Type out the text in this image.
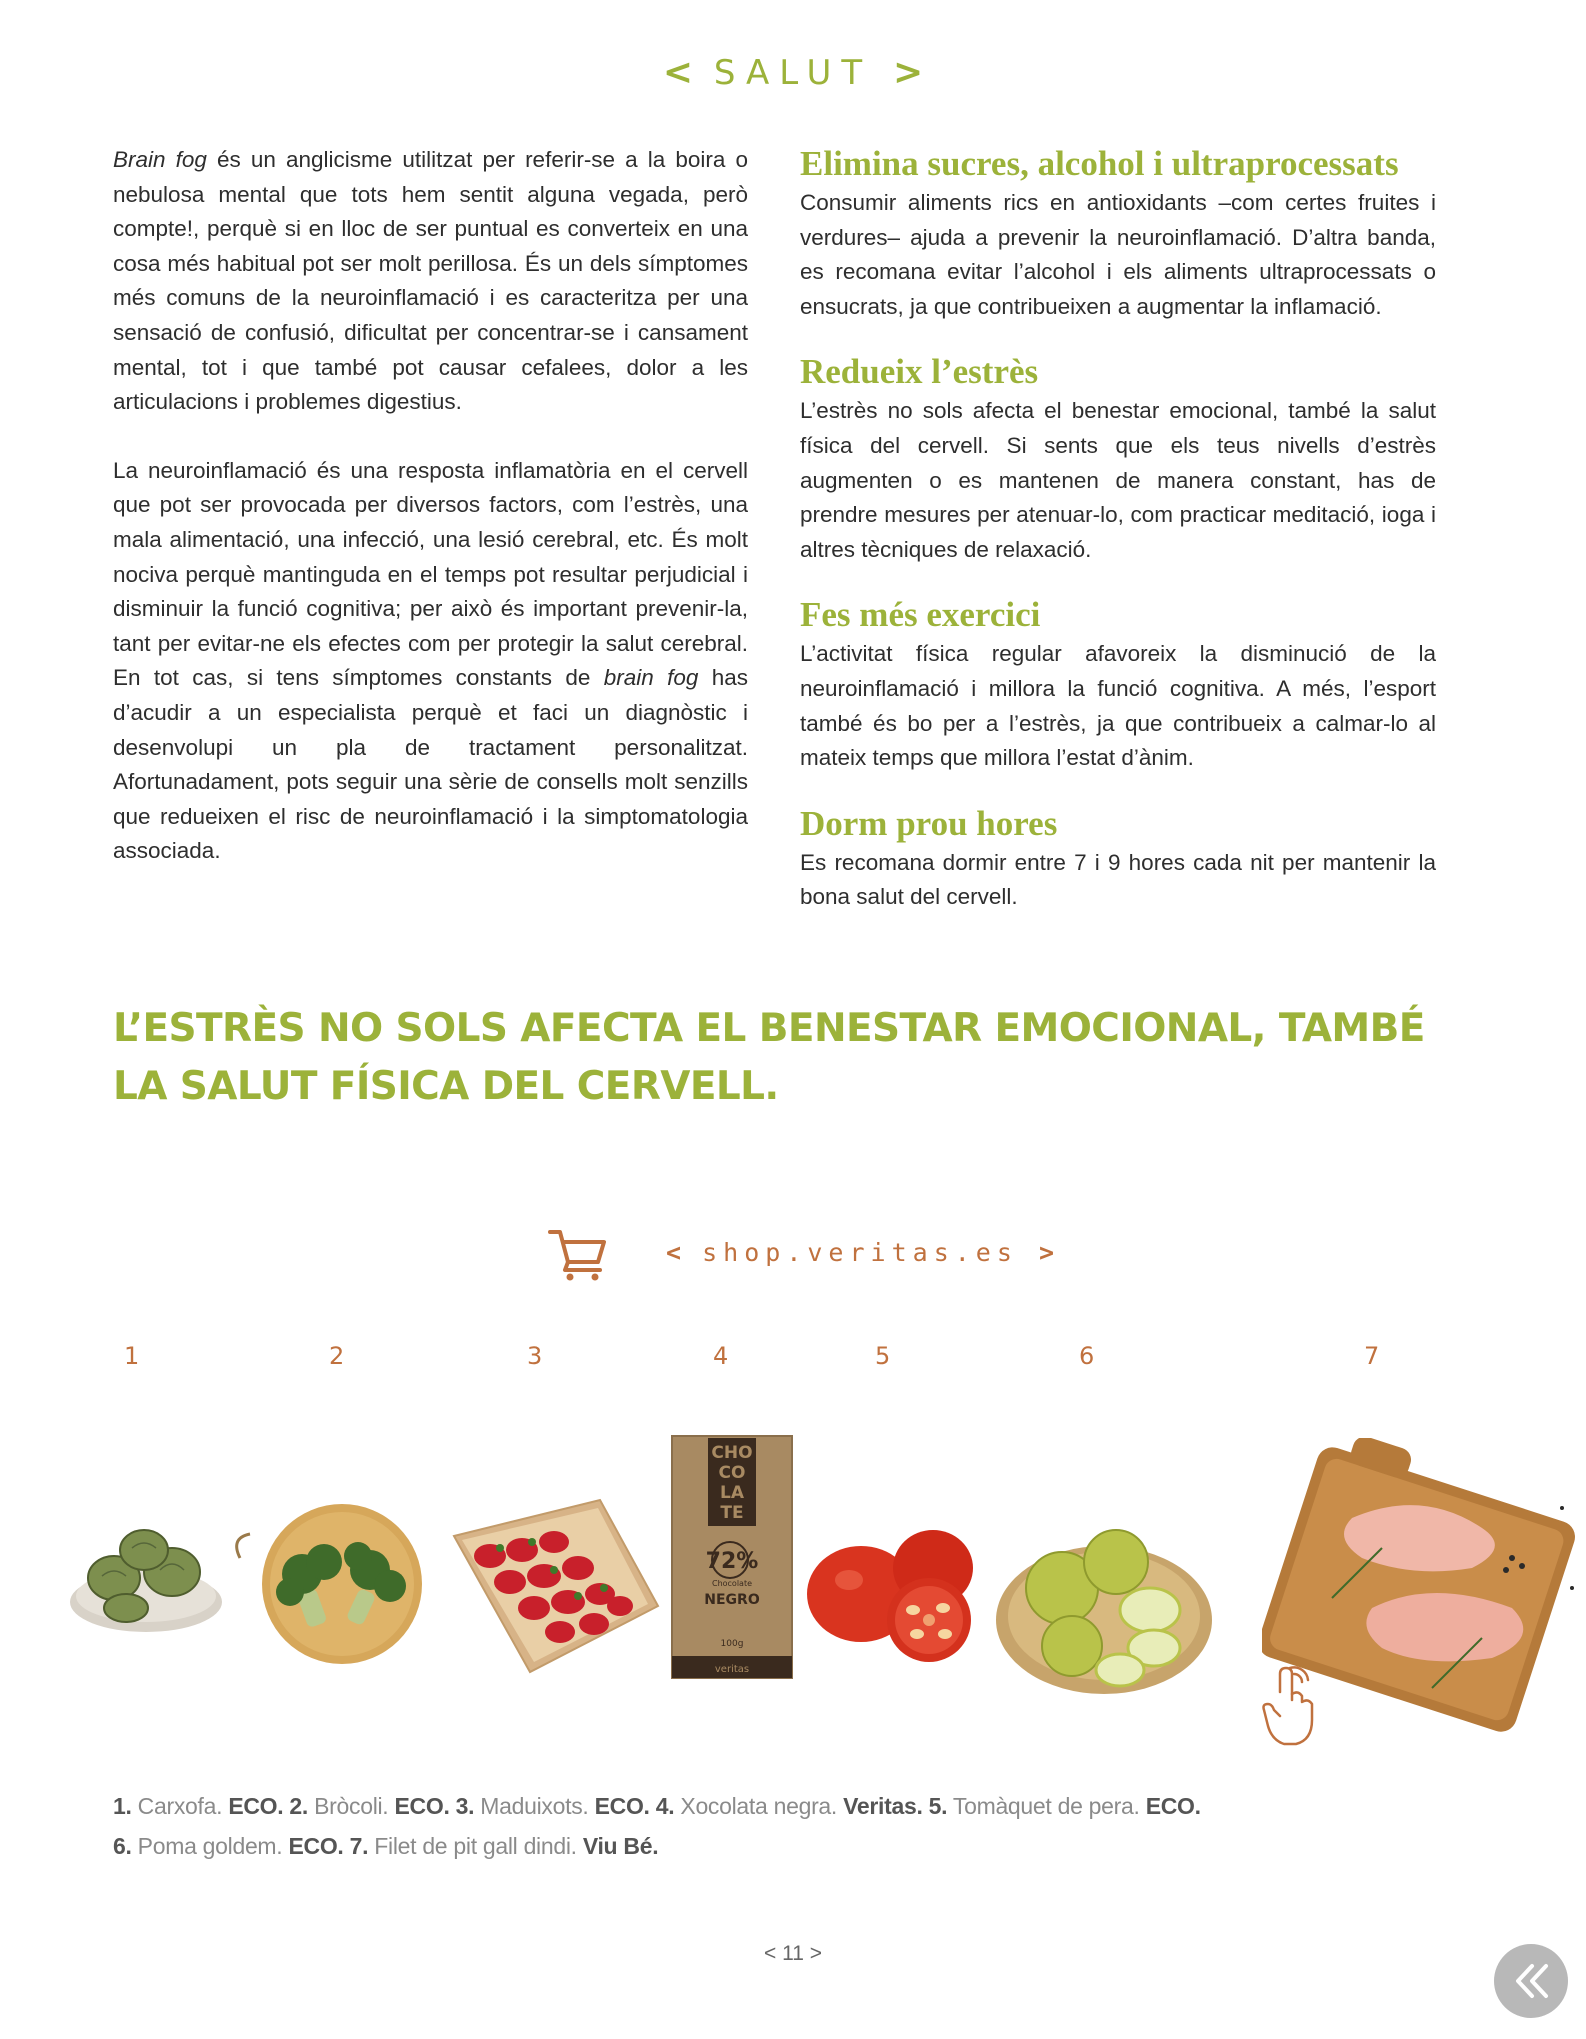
< SALUT >

Brain fog és un anglicisme utilitzat per referir-se a la boira o nebulosa mental que tots hem sentit alguna vegada, però compte!, perquè si en lloc de ser puntual es converteix en una cosa més habitual pot ser molt perillosa. És un dels símptomes més comuns de la neuroinflamació i es caracteritza per una sensació de confusió, dificultat per concentrar-se i cansament mental, tot i que també pot causar cefalees, dolor a les articulacions i problemes digestius.

La neuroinflamació és una resposta inflamatòria en el cervell que pot ser provocada per diversos factors, com l’estrès, una mala alimentació, una infecció, una lesió cerebral, etc. És molt nociva perquè mantinguda en el temps pot resultar perjudicial i disminuir la funció cognitiva; per això és important prevenir-la, tant per evitar-ne els efectes com per protegir la salut cerebral. En tot cas, si tens símptomes constants de brain fog has d’acudir a un especialista perquè et faci un diagnòstic i desenvolupi un pla de tractament personalitzat. Afortunadament, pots seguir una sèrie de consells molt senzills que redueixen el risc de neuroinflamació i la simptomatologia associada.

Elimina sucres, alcohol i ultraprocessats

Consumir aliments rics en antioxidants –com certes fruites i verdures– ajuda a prevenir la neuroinflamació. D’altra banda, es recomana evitar l’alcohol i els aliments ultraprocessats o ensucrats, ja que contribueixen a augmentar la inflamació.

Redueix l’estrès

L’estrès no sols afecta el benestar emocional, també la salut física del cervell. Si sents que els teus nivells d’estrès augmenten o es mantenen de manera constant, has de prendre mesures per atenuar-lo, com practicar meditació, ioga i altres tècniques de relaxació.

Fes més exercici

L’activitat física regular afavoreix la disminució de la neuroinflamació i millora la funció cognitiva. A més, l’esport també és bo per a l’estrès, ja que contribueix a calmar-lo al mateix temps que millora l’estat d’ànim.

Dorm prou hores

Es recomana dormir entre 7 i 9 hores cada nit per mantenir la bona salut del cervell.

L’ESTRÈS NO SOLS AFECTA EL BENESTAR EMOCIONAL, TAMBÉ
LA SALUT FÍSICA DEL CERVELL.
< shop.veritas.es >
1	2	3	4	5	6	7
CHO
CO
LA
TE
72%
Chocolate
NEGRO
100g
veritas
1. Carxofa. ECO. 2. Bròcoli. ECO. 3. Maduixots. ECO. 4. Xocolata negra. Veritas. 5. Tomàquet de pera. ECO.
6. Poma goldem. ECO. 7. Filet de pit gall dindi. Viu Bé.
< 11 >
